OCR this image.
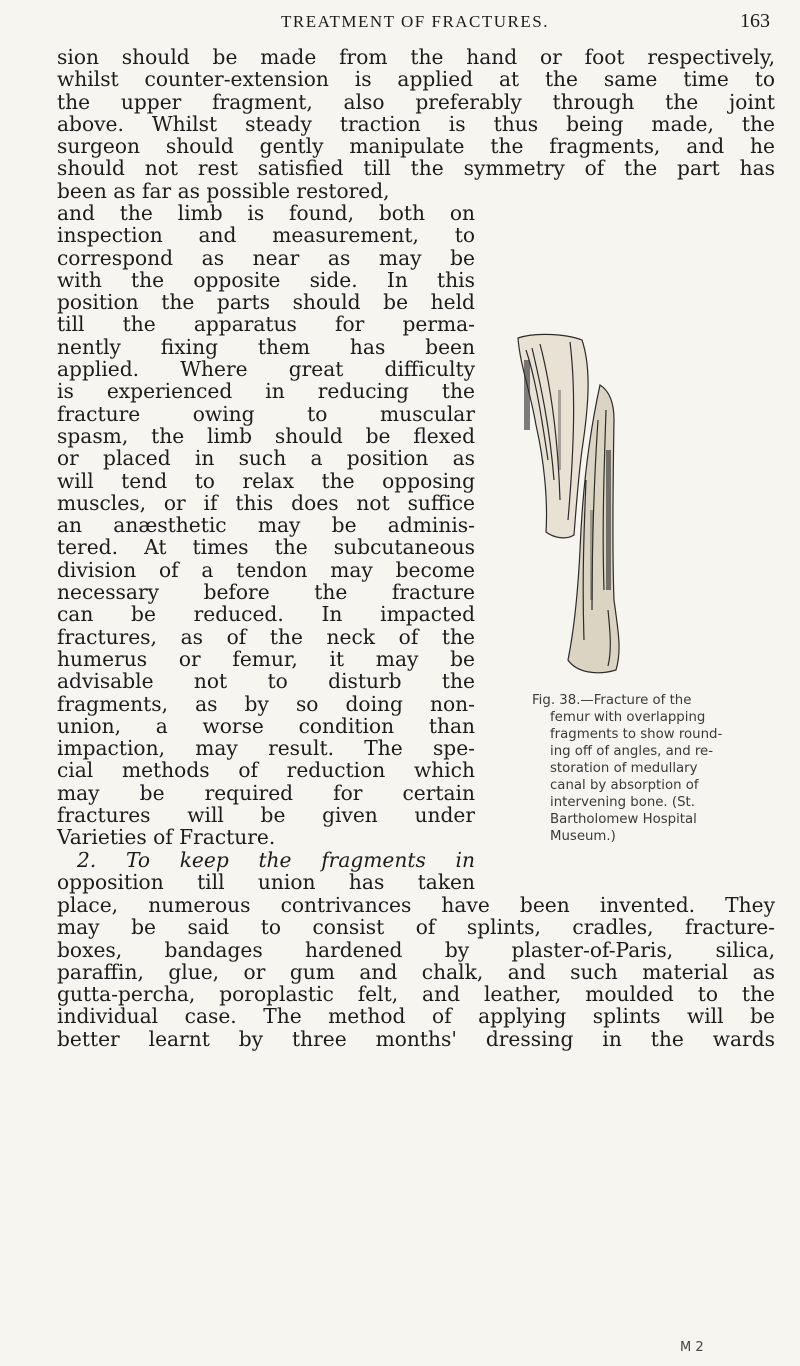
TREATMENT OF FRACTURES.	163
sion should be made from the hand or foot respectively,
whilst counter-extension is applied at the same time to
the upper fragment, also preferably through the joint
above. Whilst steady traction is thus being made, the
surgeon should gently manipulate the fragments, and he
should not rest satisfied till the symmetry of the part has
been as far as possible restored,
and the limb is found, both on
inspection and measurement, to
correspond as near as may be
with the opposite side. In this
position the parts should be held
till the apparatus for perma-
nently fixing them has been
applied. Where great difficulty
is experienced in reducing the
fracture owing to muscular
spasm, the limb should be flexed
or placed in such a position as
will tend to relax the opposing
muscles, or if this does not suffice
an anæsthetic may be adminis-
tered. At times the subcutaneous
division of a tendon may become
necessary before the fracture
can be reduced. In impacted
fractures, as of the neck of the
humerus or femur, it may be
advisable not to disturb the
fragments, as by so doing non-
union, a worse condition than
impaction, may result. The spe-
cial methods of reduction which
may be required for certain
fractures will be given under
Varieties of Fracture.
2. To keep the fragments in
opposition till union has taken
place, numerous contrivances have been invented. They
may be said to consist of splints, cradles, fracture-
boxes, bandages hardened by plaster-of-Paris, silica,
paraffin, glue, or gum and chalk, and such material as
gutta-percha, poroplastic felt, and leather, moulded to the
individual case. The method of applying splints will be
better learnt by three months' dressing in the wards
Fig. 38.—Fracture of the
femur with overlapping
fragments to show round-
ing off of angles, and re-
storation of medullary
canal by absorption of
intervening bone. (St.
Bartholomew Hospital
Museum.)
M 2
